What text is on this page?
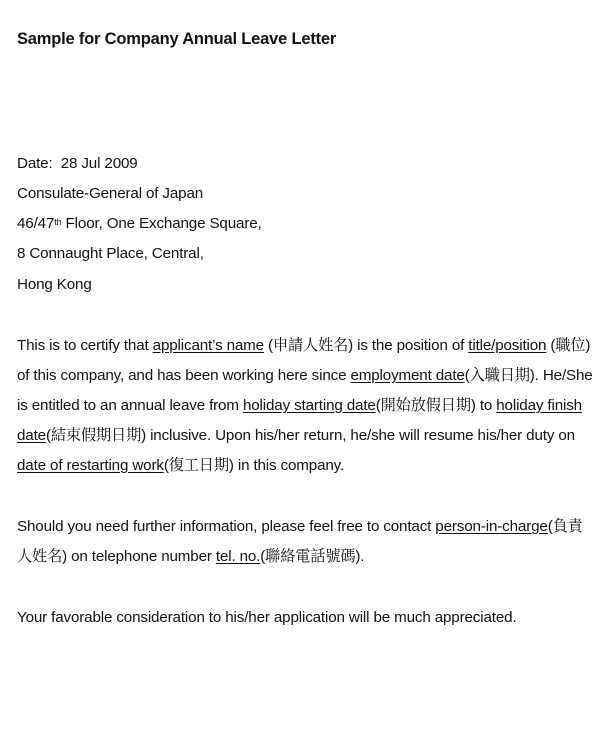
Sample for Company Annual Leave Letter
Date: 28 Jul 2009
Consulate-General of Japan
46/47th Floor, One Exchange Square,
8 Connaught Place, Central,
Hong Kong
This is to certify that applicant’s name (申請人姓名) is the position of title/position (職位)
of this company, and has been working here since employment date(入職日期). He/She
is entitled to an annual leave from holiday starting date(開始放假日期) to holiday finish
date(結束假期日期) inclusive. Upon his/her return, he/she will resume his/her duty on
date of restarting work(復工日期) in this company.
Should you need further information, please feel free to contact person-in-charge(負責
人姓名) on telephone number tel. no.(聯絡電話號碼).
Your favorable consideration to his/her application will be much appreciated.
